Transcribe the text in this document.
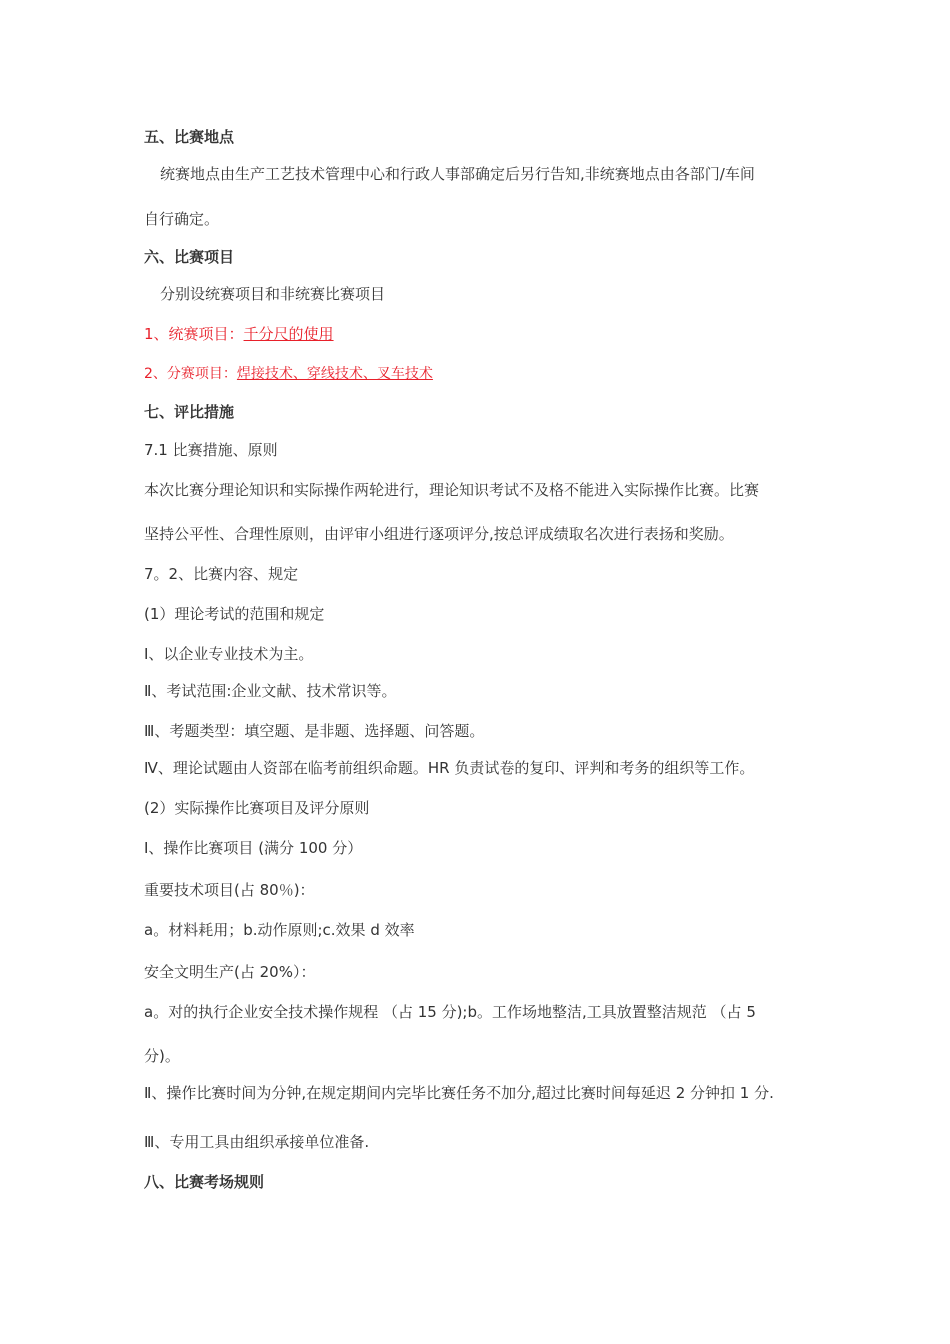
五、比赛地点

统赛地点由生产工艺技术管理中心和行政人事部确定后另行告知,非统赛地点由各部门/车间

自行确定。

六、比赛项目

分别设统赛项目和非统赛比赛项目

1、统赛项目：千分尺的使用

2、分赛项目：焊接技术、穿线技术、叉车技术

七、评比措施

7.1 比赛措施、原则

本次比赛分理论知识和实际操作两轮进行，理论知识考试不及格不能进入实际操作比赛。比赛

坚持公平性、合理性原则，由评审小组进行逐项评分,按总评成绩取名次进行表扬和奖励。

7。2、比赛内容、规定

(1）理论考试的范围和规定

Ⅰ、以企业专业技术为主。

Ⅱ、考试范围:企业文献、技术常识等。

Ⅲ、考题类型：填空题、是非题、选择题、问答题。

Ⅳ、理论试题由人资部在临考前组织命题。HR 负责试卷的复印、评判和考务的组织等工作。

(2）实际操作比赛项目及评分原则

Ⅰ、操作比赛项目 (满分 100 分）

重要技术项目(占 80％)：

a。材料耗用；b.动作原则;c.效果 d 效率

安全文明生产(占 20%）：

a。对的执行企业安全技术操作规程 （占 15 分);b。工作场地整洁,工具放置整洁规范 （占 5

分)。

Ⅱ、操作比赛时间为分钟,在规定期间内完毕比赛任务不加分,超过比赛时间每延迟 2 分钟扣 1 分.

Ⅲ、专用工具由组织承接单位准备.

八、比赛考场规则
